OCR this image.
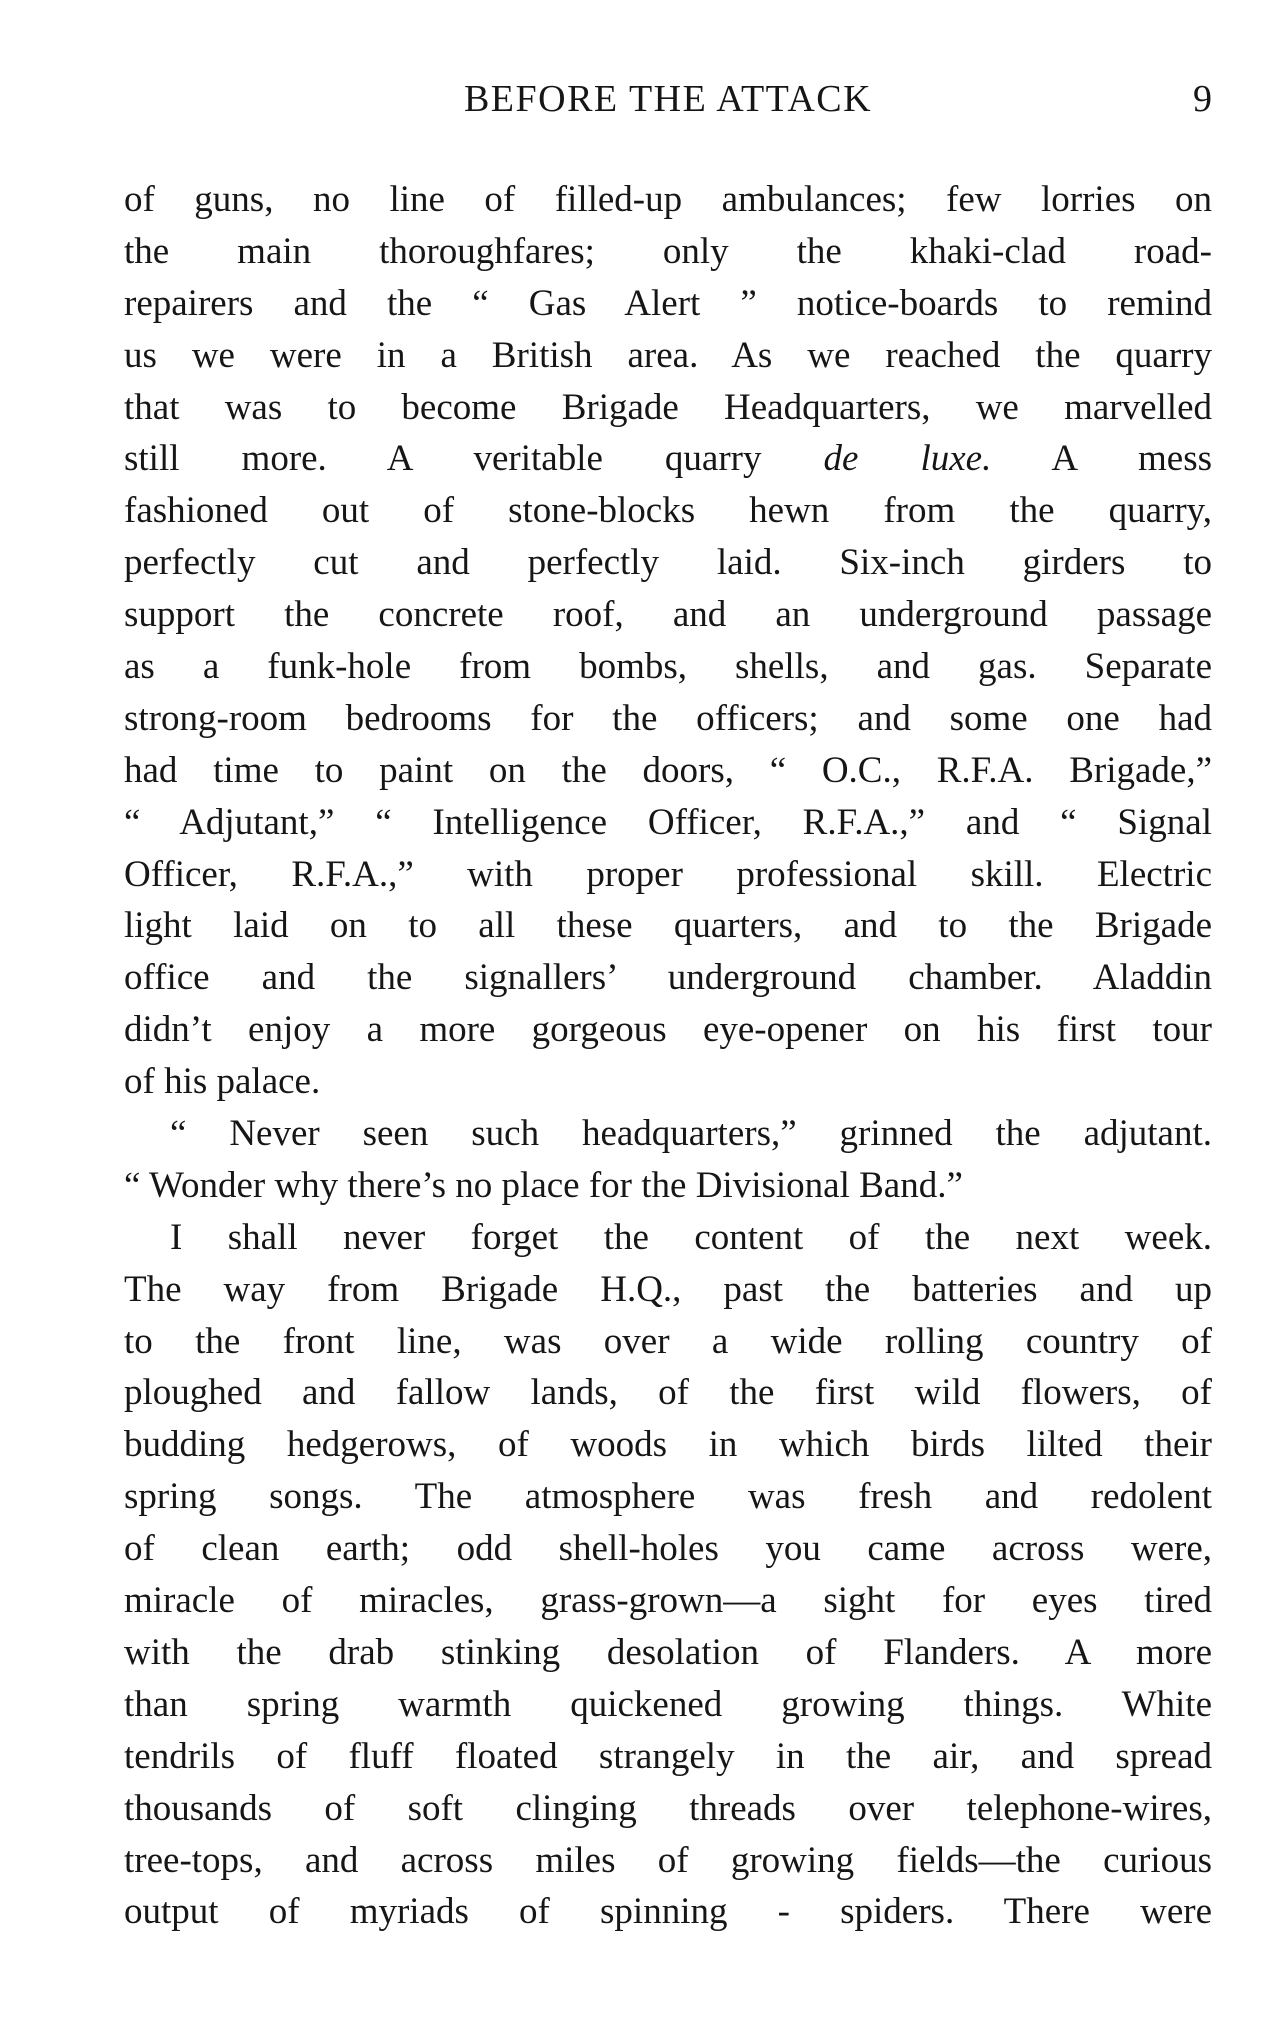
BEFORE THE ATTACK	9
of guns, no line of filled-up ambulances; few lorries on
the main thoroughfares; only the khaki-clad road-
repairers and the “ Gas Alert ” notice-boards to remind
us we were in a British area. As we reached the quarry
that was to become Brigade Headquarters, we marvelled
still more. A veritable quarry de luxe. A mess
fashioned out of stone-blocks hewn from the quarry,
perfectly cut and perfectly laid. Six-inch girders to
support the concrete roof, and an underground passage
as a funk-hole from bombs, shells, and gas. Separate
strong-room bedrooms for the officers; and some one had
had time to paint on the doors, “ O.C., R.F.A. Brigade,”
“ Adjutant,” “ Intelligence Officer, R.F.A.,” and “ Signal
Officer, R.F.A.,” with proper professional skill. Electric
light laid on to all these quarters, and to the Brigade
office and the signallers’ underground chamber. Aladdin
didn’t enjoy a more gorgeous eye-opener on his first tour
of his palace.
“ Never seen such headquarters,” grinned the adjutant.
“ Wonder why there’s no place for the Divisional Band.”
I shall never forget the content of the next week.
The way from Brigade H.Q., past the batteries and up
to the front line, was over a wide rolling country of
ploughed and fallow lands, of the first wild flowers, of
budding hedgerows, of woods in which birds lilted their
spring songs. The atmosphere was fresh and redolent
of clean earth; odd shell-holes you came across were,
miracle of miracles, grass-grown—a sight for eyes tired
with the drab stinking desolation of Flanders. A more
than spring warmth quickened growing things. White
tendrils of fluff floated strangely in the air, and spread
thousands of soft clinging threads over telephone-wires,
tree-tops, and across miles of growing fields—the curious
output of myriads of spinning - spiders. There were
